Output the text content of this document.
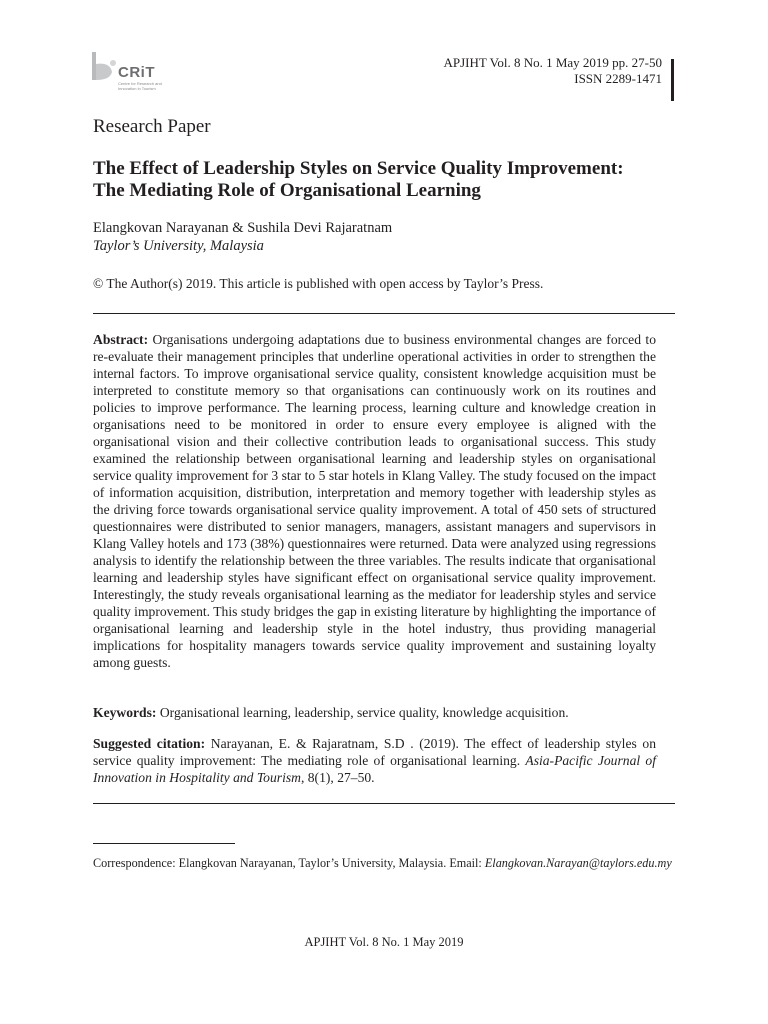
CRiT
Centre for Research and Innovation in Tourism
APJIHT Vol. 8 No. 1 May 2019 pp. 27-50
ISSN 2289-1471
Research Paper
The Effect of Leadership Styles on Service Quality Improvement:
The Mediating Role of Organisational Learning
Elangkovan Narayanan & Sushila Devi Rajaratnam
Taylor’s University, Malaysia
© The Author(s) 2019. This article is published with open access by Taylor’s Press.

Abstract: Organisations undergoing adaptations due to business environmental changes are forced to re-evaluate their management principles that underline operational activities in order to strengthen the internal factors. To improve organisational service quality, consistent knowledge acquisition must be interpreted to constitute memory so that organisations can continuously work on its routines and policies to improve performance. The learning process, learning culture and knowledge creation in organisations need to be monitored in order to ensure every employee is aligned with the organisational vision and their collective contribution leads to organisational success. This study examined the relationship between organisational learning and leadership styles on organisational service quality improvement for 3 star to 5 star hotels in Klang Valley. The study focused on the impact of information acquisition, distribution, interpretation and memory together with leadership styles as the driving force towards organisational service quality improvement. A total of 450 sets of structured questionnaires were distributed to senior managers, managers, assistant managers and supervisors in Klang Valley hotels and 173 (38%) questionnaires were returned. Data were analyzed using regressions analysis to identify the relationship between the three variables. The results indicate that organisational learning and leadership styles have significant effect on organisational service quality improvement. Interestingly, the study reveals organisational learning as the mediator for leadership styles and service quality improvement. This study bridges the gap in existing literature by highlighting the importance of organisational learning and leadership style in the hotel industry, thus providing managerial implications for hospitality managers towards service quality improvement and sustaining loyalty among guests.

Keywords: Organisational learning, leadership, service quality, knowledge acquisition.
Suggested citation: Narayanan, E. & Rajaratnam, S.D . (2019). The effect of leadership styles on service quality improvement: The mediating role of organisational learning. Asia-Pacific Journal of Innovation in Hospitality and Tourism, 8(1), 27–50.
Correspondence: Elangkovan Narayanan, Taylor’s University, Malaysia. Email: Elangkovan.Narayan@taylors.edu.my
APJIHT Vol. 8 No. 1 May 2019
